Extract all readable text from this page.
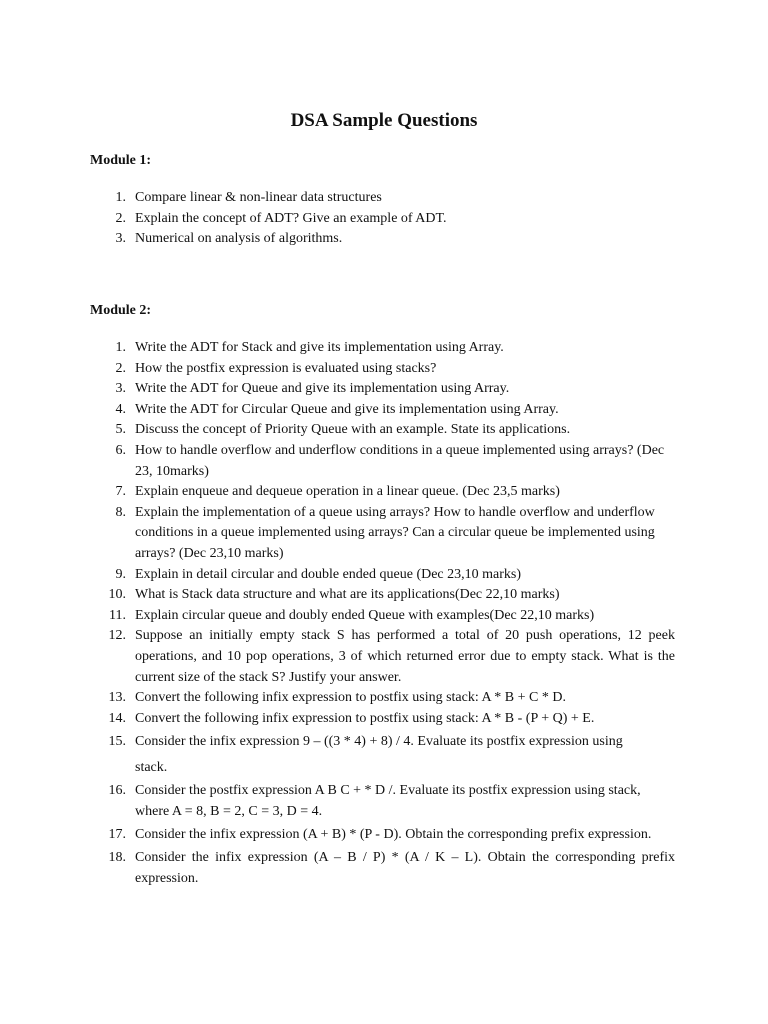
DSA Sample Questions
Module 1:
1. Compare linear & non-linear data structures
2. Explain the concept of ADT? Give an example of ADT.
3. Numerical on analysis of algorithms.
Module 2:
1. Write the ADT for Stack and give its implementation using Array.
2. How the postfix expression is evaluated using stacks?
3. Write the ADT for Queue and give its implementation using Array.
4. Write the ADT for Circular Queue and give its implementation using Array.
5. Discuss the concept of Priority Queue with an example. State its applications.
6. How to handle overflow and underflow conditions in a queue implemented using arrays? (Dec 23, 10marks)
7. Explain enqueue and dequeue operation in a linear queue. (Dec 23,5 marks)
8. Explain the implementation of a queue using arrays? How to handle overflow and underflow conditions in a queue implemented using arrays? Can a circular queue be implemented using arrays? (Dec 23,10 marks)
9. Explain in detail circular and double ended queue (Dec 23,10 marks)
10. What is Stack data structure and what are its applications(Dec 22,10 marks)
11. Explain circular queue and doubly ended Queue with examples(Dec 22,10 marks)
12. Suppose an initially empty stack S has performed a total of 20 push operations, 12 peek operations, and 10 pop operations, 3 of which returned error due to empty stack. What is the current size of the stack S? Justify your answer.
13. Convert the following infix expression to postfix using stack: A * B + C * D.
14. Convert the following infix expression to postfix using stack: A * B - (P + Q) + E.
15. Consider the infix expression 9 – ((3 * 4) + 8) / 4. Evaluate its postfix expression using stack.
16. Consider the postfix expression A B C + * D /. Evaluate its postfix expression using stack, where A = 8, B = 2, C = 3, D = 4.
17. Consider the infix expression (A + B) * (P - D). Obtain the corresponding prefix expression.
18. Consider the infix expression (A – B / P) * (A / K – L). Obtain the corresponding prefix expression.
